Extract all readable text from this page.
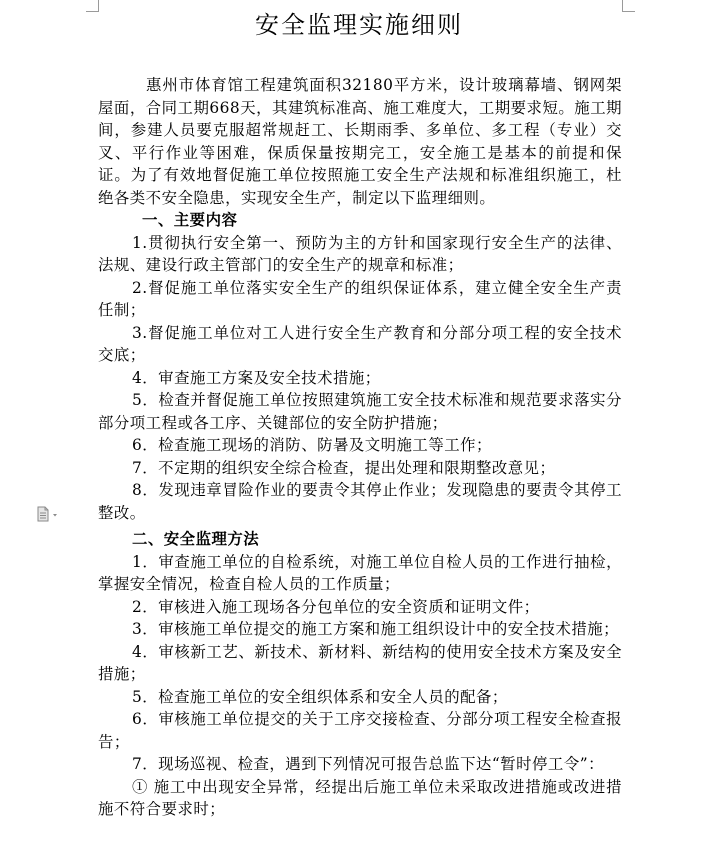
安全监理实施细则

惠州市体育馆工程建筑面积32180平方米，设计玻璃幕墙、钢网架屋面，合同工期668天，其建筑标准高、施工难度大，工期要求短。施工期间，参建人员要克服超常规赶工、长期雨季、多单位、多工程（专业）交叉、平行作业等困难，保质保量按期完工，安全施工是基本的前提和保证。为了有效地督促施工单位按照施工安全生产法规和标准组织施工，杜绝各类不安全隐患，实现安全生产，制定以下监理细则。

一、主要内容

1.贯彻执行安全第一、预防为主的方针和国家现行安全生产的法律、法规、建设行政主管部门的安全生产的规章和标准；

2.督促施工单位落实安全生产的组织保证体系，建立健全安全生产责任制；

3.督促施工单位对工人进行安全生产教育和分部分项工程的安全技术交底；

4．审查施工方案及安全技术措施；

5．检查并督促施工单位按照建筑施工安全技术标准和规范要求落实分部分项工程或各工序、关键部位的安全防护措施；

6．检查施工现场的消防、防暑及文明施工等工作；

7．不定期的组织安全综合检查，提出处理和限期整改意见；

8．发现违章冒险作业的要责令其停止作业；发现隐患的要责令其停工整改。

二、安全监理方法

1．审查施工单位的自检系统，对施工单位自检人员的工作进行抽检，掌握安全情况，检查自检人员的工作质量；

2．审核进入施工现场各分包单位的安全资质和证明文件；

3．审核施工单位提交的施工方案和施工组织设计中的安全技术措施；

4．审核新工艺、新技术、新材料、新结构的使用安全技术方案及安全措施；

5．检查施工单位的安全组织体系和安全人员的配备；

6．审核施工单位提交的关于工序交接检查、分部分项工程安全检查报告；

7．现场巡视、检查，遇到下列情况可报告总监下达“暂时停工令”：

① 施工中出现安全异常，经提出后施工单位未采取改进措施或改进措施不符合要求时；
